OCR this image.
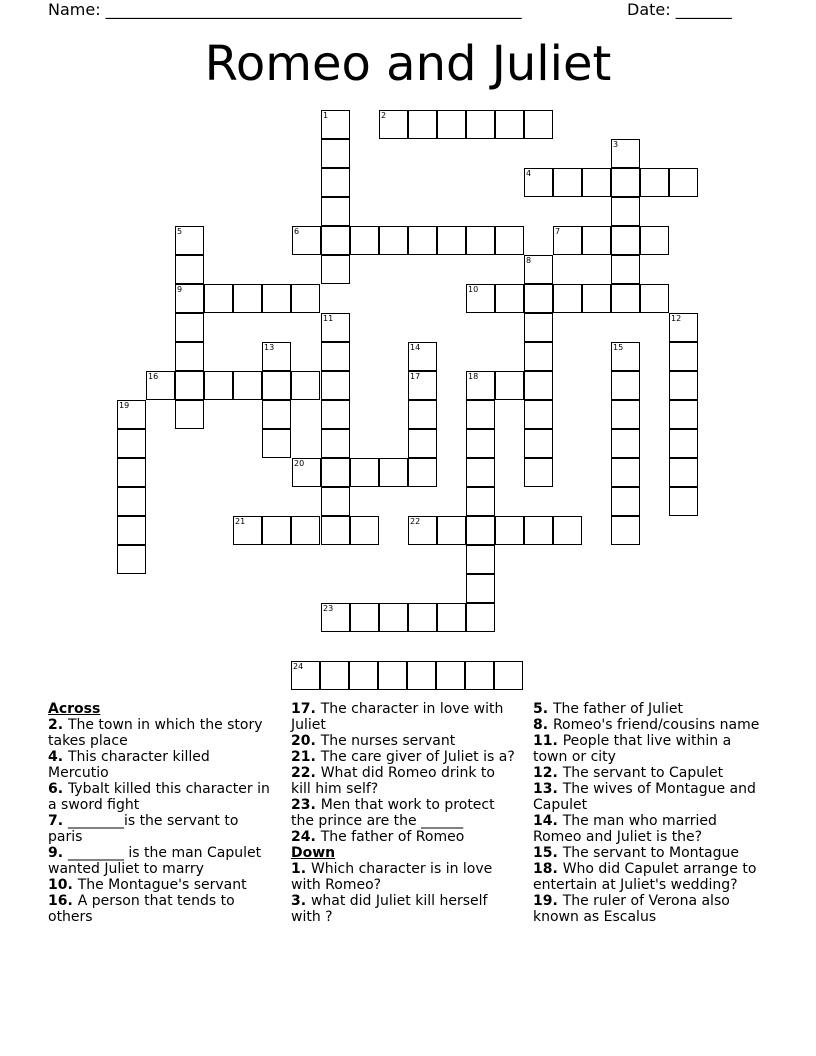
Name: ____________________________________________________	Date: _______
Romeo and Juliet
1	2
3
4
5	6	7
8
9	10
11	12
13	14	15
16	17	18
19
20
21	22
23
24
Across
2. The town in which the story takes place
4. This character killed Mercutio
6. Tybalt killed this character in a sword fight
7. ________is the servant to paris
9. ________ is the man Capulet wanted Juliet to marry
10. The Montague's servant
16. A person that tends to others
17. The character in love with Juliet
20. The nurses servant
21. The care giver of Juliet is a?
22. What did Romeo drink to kill him self?
23. Men that work to protect the prince are the ______
24. The father of Romeo
Down
1. Which character is in love with Romeo?
3. what did Juliet kill herself with ?
5. The father of Juliet
8. Romeo's friend/cousins name
11. People that live within a town or city
12. The servant to Capulet
13. The wives of Montague and Capulet
14. The man who married Romeo and Juliet is the?
15. The servant to Montague
18. Who did Capulet arrange to entertain at Juliet's wedding?
19. The ruler of Verona also known as Escalus
